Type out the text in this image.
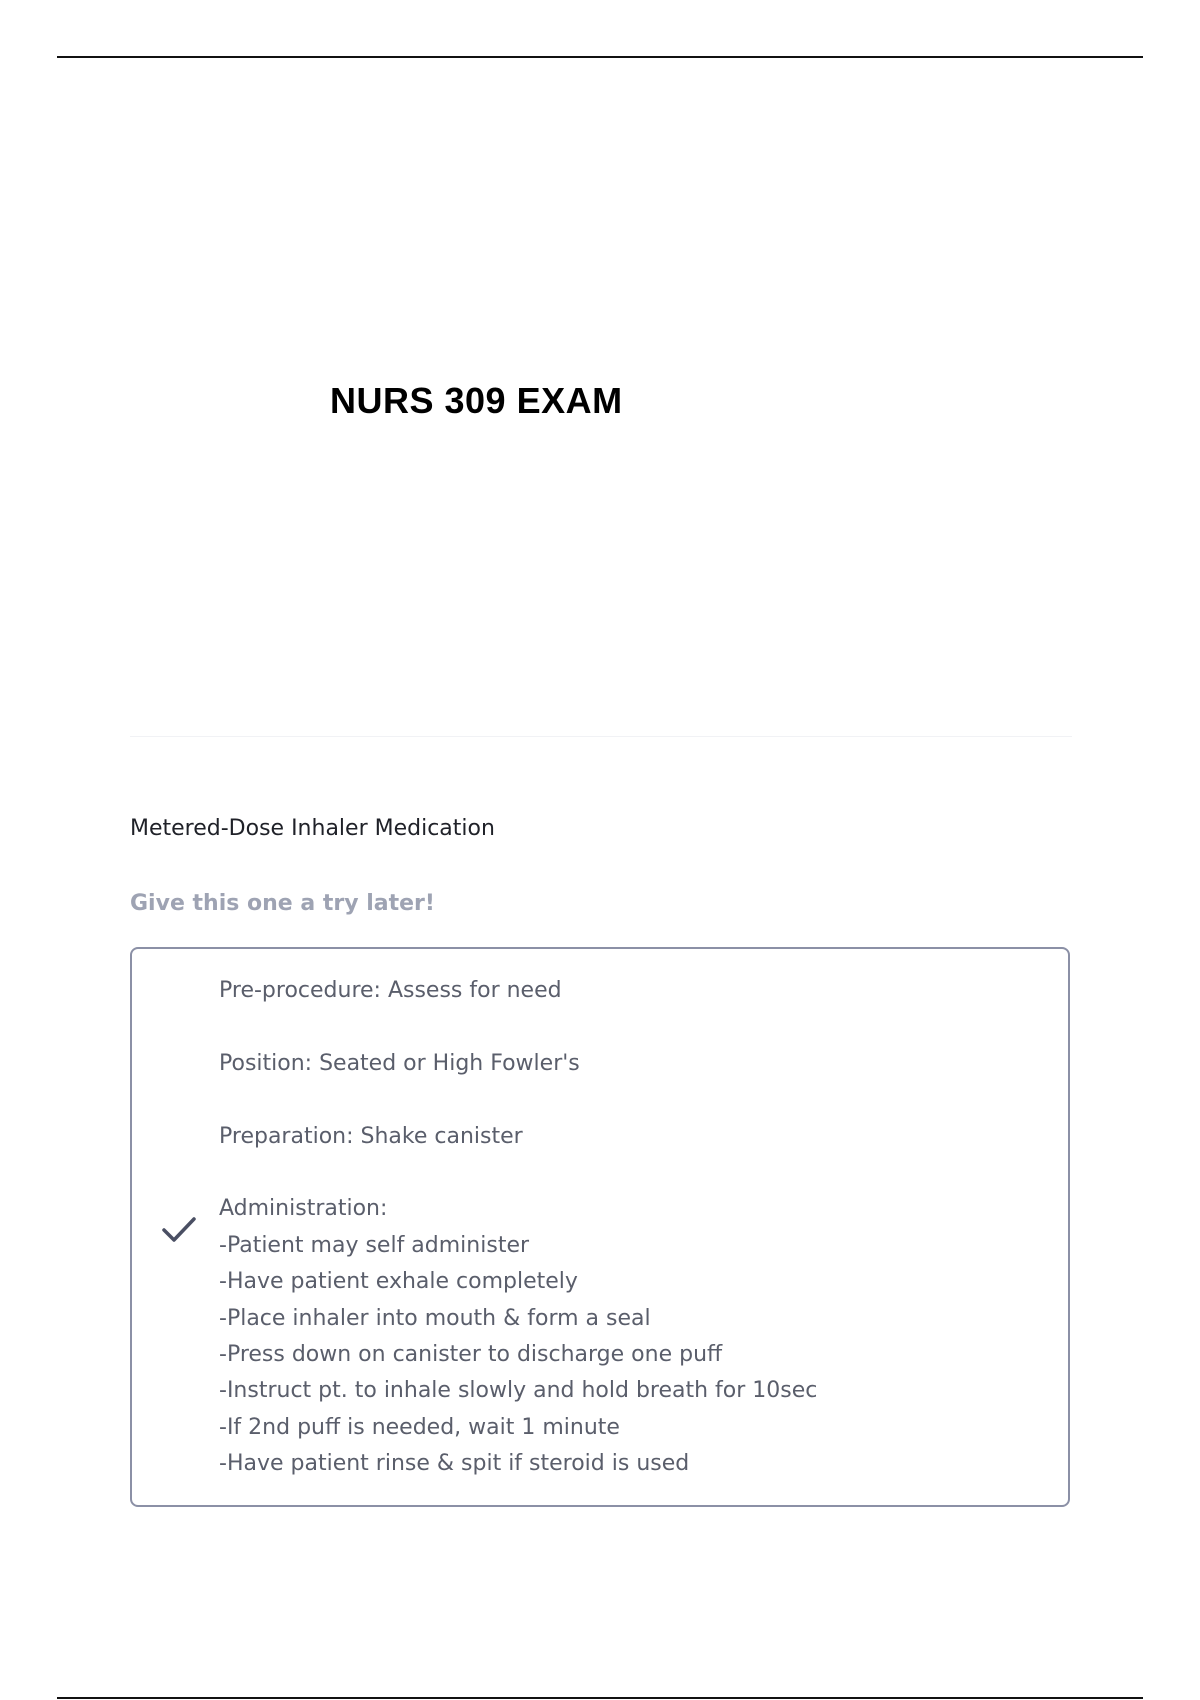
NURS 309 EXAM
Metered-Dose Inhaler Medication
Give this one a try later!
Pre-procedure: Assess for need
Position: Seated or High Fowler's
Preparation: Shake canister
Administration:
-Patient may self administer
-Have patient exhale completely
-Place inhaler into mouth & form a seal
-Press down on canister to discharge one puff
-Instruct pt. to inhale slowly and hold breath for 10sec
-If 2nd puff is needed, wait 1 minute
-Have patient rinse & spit if steroid is used
